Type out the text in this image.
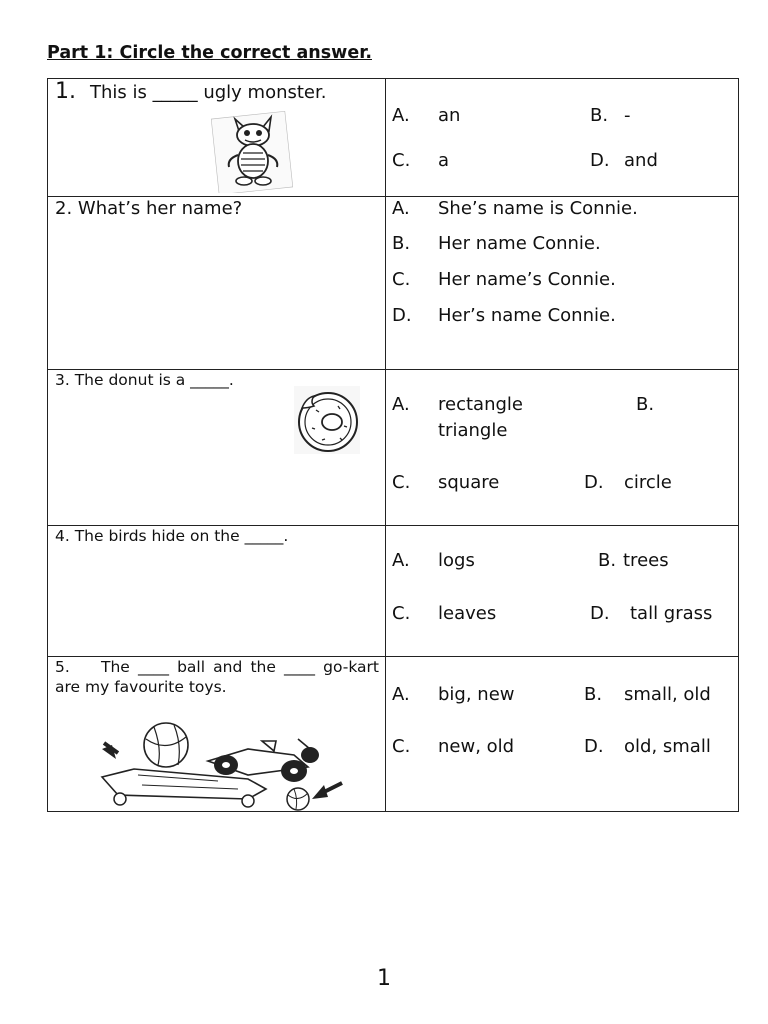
Part 1: Circle the correct answer.
1. This is _____ ugly monster.	A. an B. -
C. a D. and

2. What’s her name?	A. She’s name is Connie.
B. Her name Connie.
C. Her name’s Connie.
D. Her’s name Connie.

3. The donut is a _____.	A. rectangle B.
triangle
C. square D. circle

4. The birds hide on the _____.	A. logs B. trees
C. leaves D. tall grass

5. The ____ ball and the ____ go-kart are my favourite toys.	A. big, new B. small, old
C. new, old D. old, small
1
